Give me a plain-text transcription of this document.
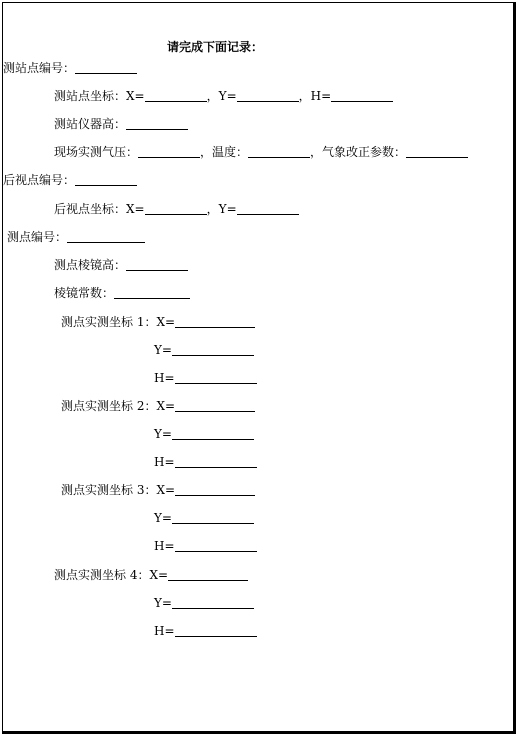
请完成下面记录：
测站点编号：
测站点坐标：X=	，Y=	，H=
测站仪器高：
现场实测气压：	，温度：	，气象改正参数：
后视点编号：
后视点坐标：X=	，Y=
测点编号：
测点棱镜高：
棱镜常数：
测点实测坐标 1：X=
Y=
H=
测点实测坐标 2：X=
Y=
H=
测点实测坐标 3：X=
Y=
H=
测点实测坐标 4：X=
Y=
H=
